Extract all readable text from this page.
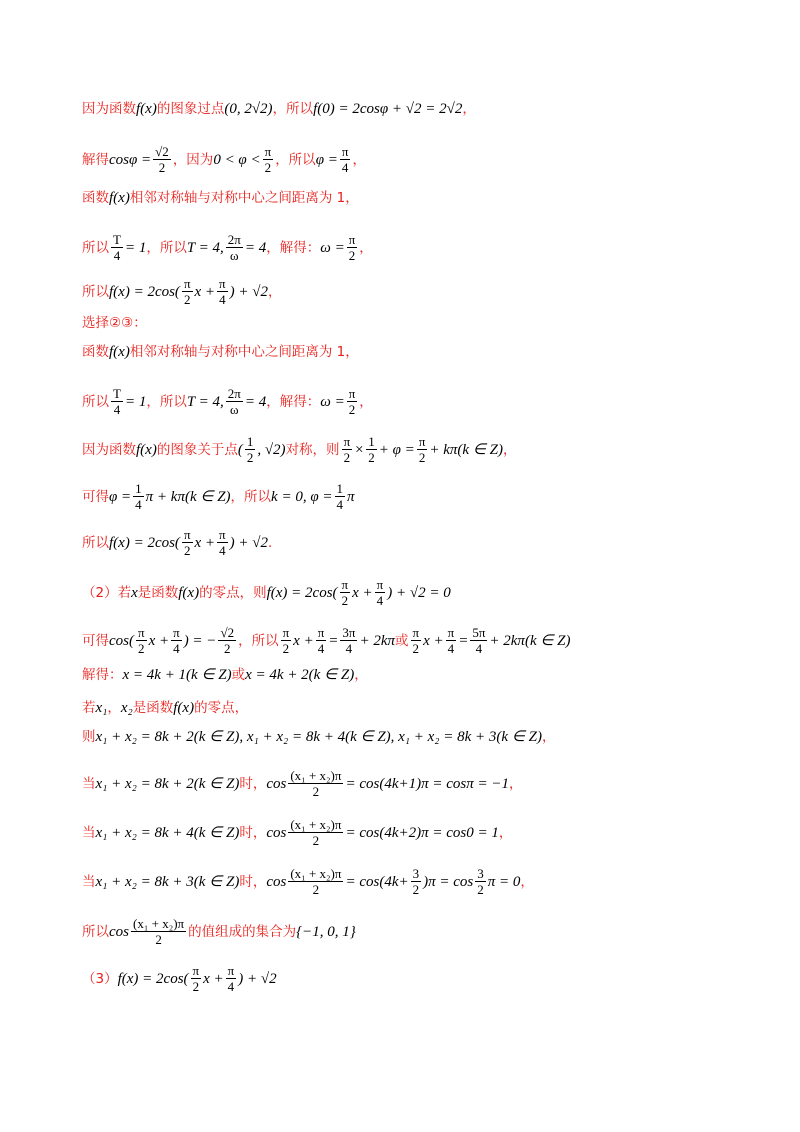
因为函数 f(x) 的图象过点 (0, 2√2) ，所以 f(0) = 2cosφ + √2 = 2√2 ，
解得 $\cos\varphi = \frac{√2}{2}$ ，因为 $0 < \varphi < \frac{\pi}{2}$ ，所以 $\varphi = \frac{\pi}{4}$ ，
函数 f(x) 相邻对称轴与对称中心之间距离为 1，
所以 $\frac{T}{4} = 1$ ，所以 T = 4, $\frac{2\pi}{\omega} = 4$ ，解得： $\omega = \frac{\pi}{2}$ ，
所以 $f(x) = 2\cos( \frac{\pi}{2}$ $x + \frac{\pi}{4}$ ) + √2 ，
选择②③：
函数 f(x) 相邻对称轴与对称中心之间距离为 1，
所以 $\frac{T}{4} = 1$ ，所以 T = 4, $\frac{2\pi}{\omega} = 4$ ，解得： $\omega = \frac{\pi}{2}$ ，
因为函数 f(x) 的图象关于点 ( $\frac{1}{2}$ , √2) 对称，则 $\frac{\pi}{2} \times \frac{1}{2} + \varphi = \frac{\pi}{2} + k\pi(k$ ∈ Z) ，
可得 $\varphi = \frac{1}{4}$ π + kπ(k ∈ Z) ，所以 k = 0, $\varphi = \frac{1}{4}$ π
所以 $f(x) = 2\cos( \frac{\pi}{2}$ $x + \frac{\pi}{4}$ ) + √2 .
（2）若 x 是函数 f(x) 的零点，则 $f(x) = 2\cos( \frac{\pi}{2}$ $x + \frac{\pi}{4}$ ) + √2 = 0
可得 $\cos( \frac{\pi}{2}$ $x + \frac{\pi}{4}$ ) = − $\frac{√2}{2}$ ，所以 $\frac{\pi}{2}$ $x + \frac{\pi}{4} = \frac{3\pi}{4} + 2k\pi$ 或 $\frac{\pi}{2}$ $x + \frac{\pi}{4} = \frac{5\pi}{4} + 2k\pi(k$ ∈ Z)
解得： x = 4k + 1(k ∈ Z) 或 x = 4k + 2(k ∈ Z) ，
若 x₁ ， x₂ 是函数 f(x) 的零点，
则 x₁ + x₂ = 8k + 2(k ∈ Z), x₁ + x₂ = 8k + 4(k ∈ Z), x₁ + x₂ = 8k + 3(k ∈ Z) ，
当 x₁ + x₂ = 8k + 2(k ∈ Z) 时， $\cos \frac{\text{(x₁ + x₂)π}}{2} = \cos(4k+1)\pi = \cos\pi = -1$ ，
当 x₁ + x₂ = 8k + 4(k ∈ Z) 时， $\cos \frac{\text{(x₁ + x₂)π}}{2} = \cos(4k+2)\pi = \cos 0 = 1$ ，
当 x₁ + x₂ = 8k + 3(k ∈ Z) 时， $\cos \frac{\text{(x₁ + x₂)π}}{2} = \cos(4k+ \frac{3}{2} )\pi = \cos \frac{3}{2}$ π = 0 ，
所以 $\cos \frac{\text{(x₁ + x₂)π}}{2}$ 的值组成的集合为 {−1, 0, 1}
（3） $f(x) = 2\cos( \frac{\pi}{2}$ $x + \frac{\pi}{4}$ ) + √2
